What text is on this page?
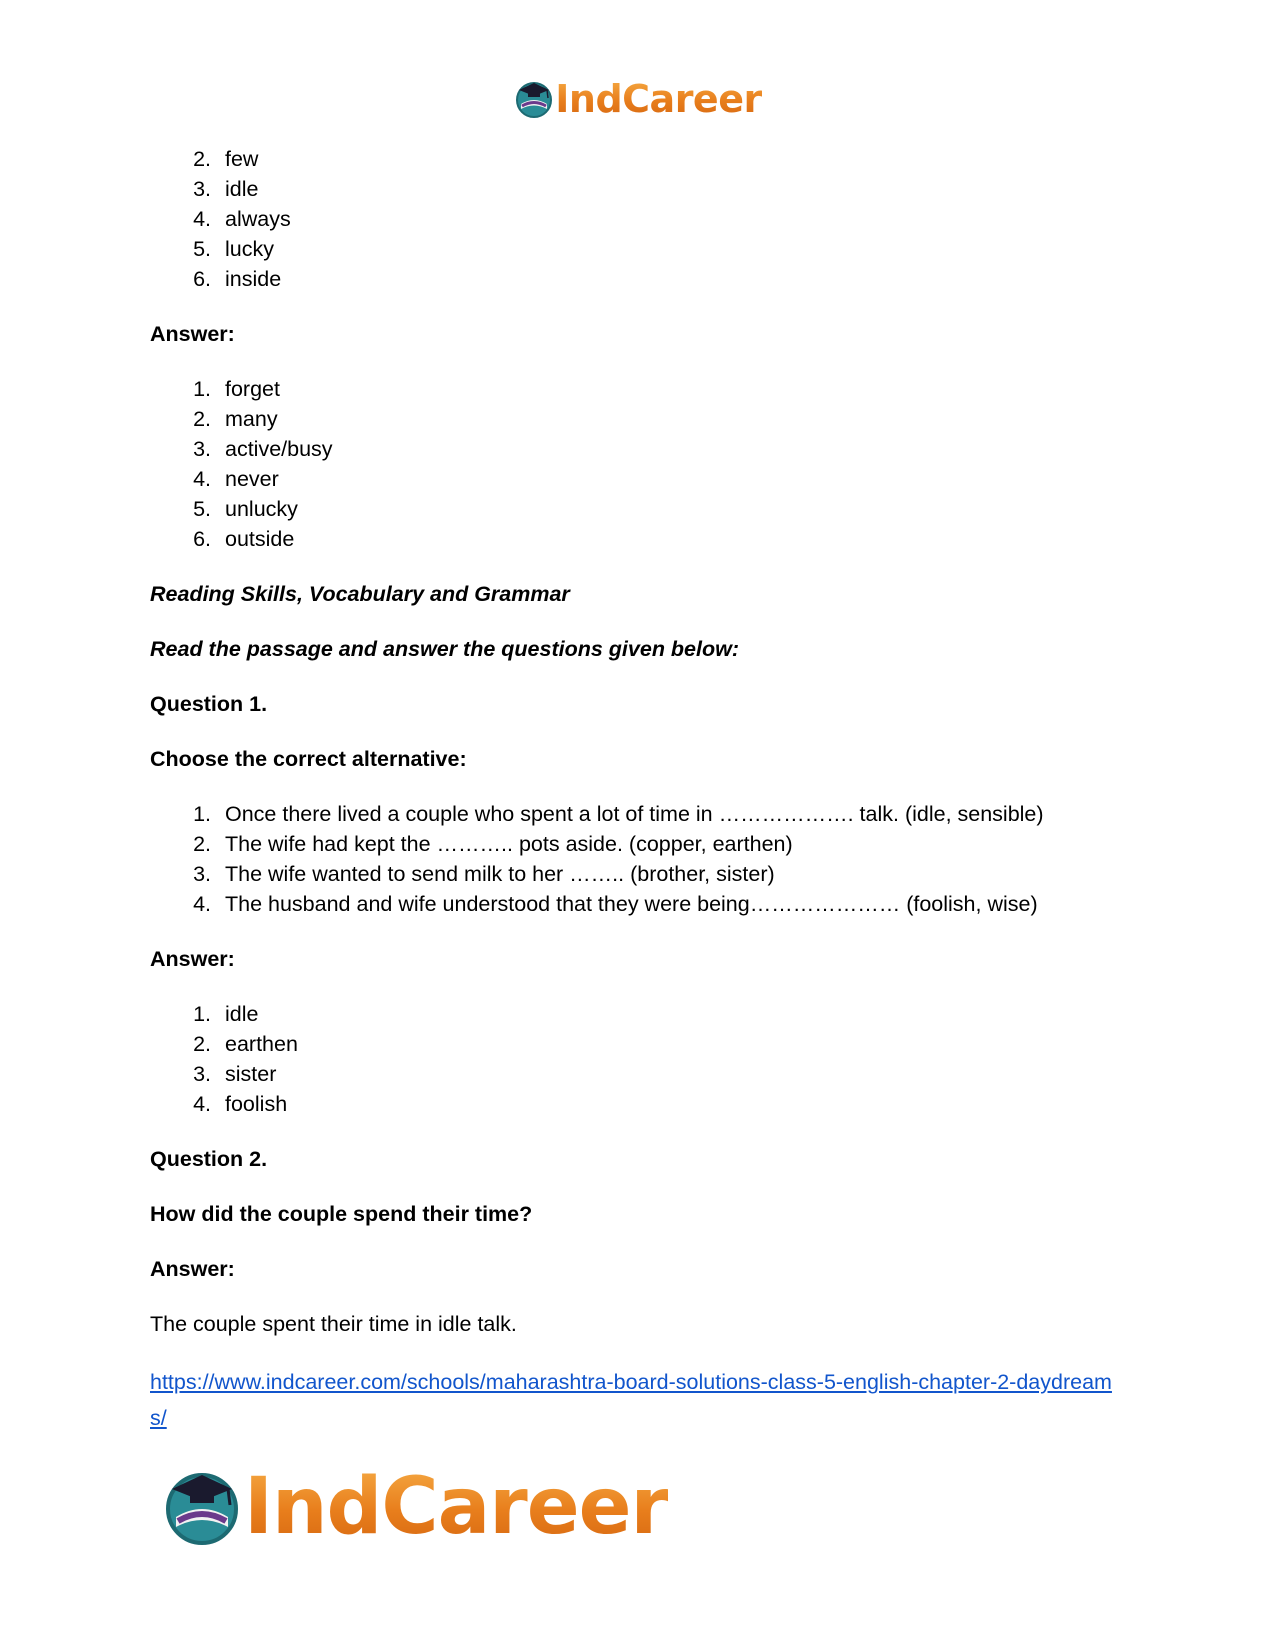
IndCareer
2. few
3. idle
4. always
5. lucky
6. inside

Answer:

1. forget
2. many
3. active/busy
4. never
5. unlucky
6. outside

Reading Skills, Vocabulary and Grammar

Read the passage and answer the questions given below:

Question 1.

Choose the correct alternative:

1. Once there lived a couple who spent a lot of time in ………………. talk. (idle, sensible)
2. The wife had kept the ……….. pots aside. (copper, earthen)
3. The wife wanted to send milk to her …….. (brother, sister)
4. The husband and wife understood that they were being………………… (foolish, wise)

Answer:

1. idle
2. earthen
3. sister
4. foolish

Question 2.

How did the couple spend their time?

Answer:

The couple spent their time in idle talk.

https://www.indcareer.com/schools/maharashtra-board-solutions-class-5-english-chapter-2-daydreams/
IndCareer
